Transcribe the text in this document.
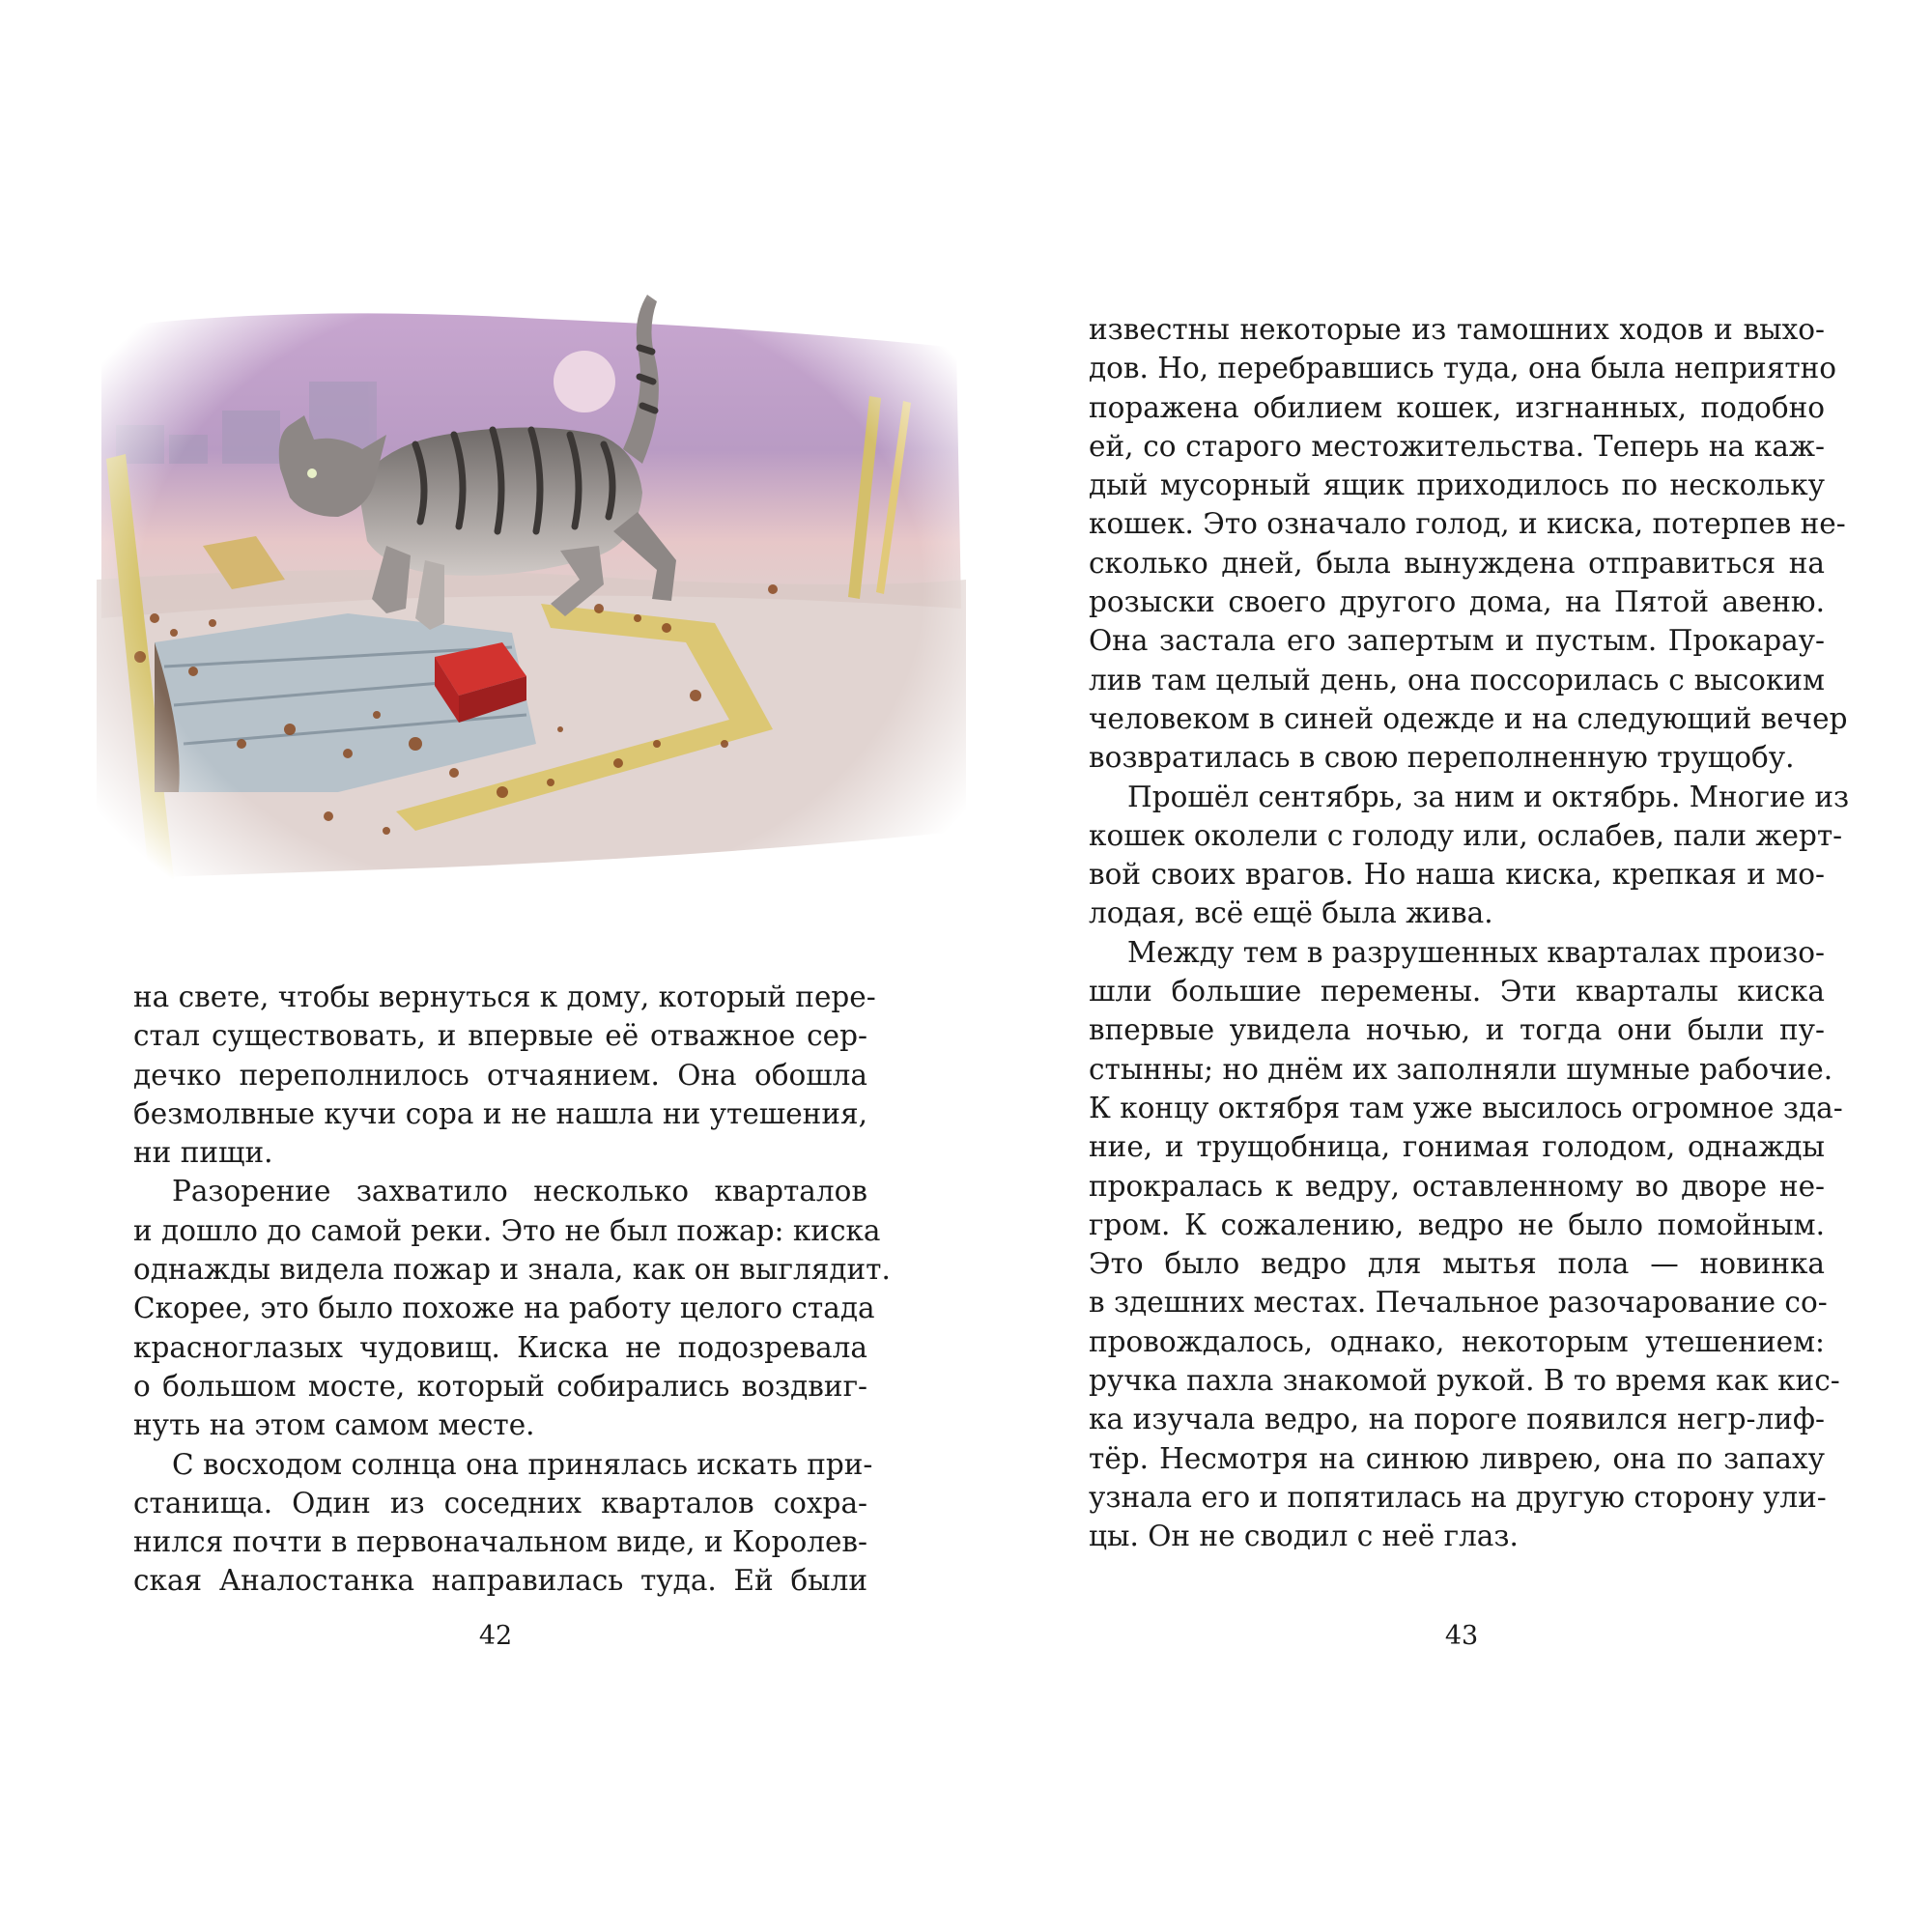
на свете, чтобы вернуться к дому, который пере-
стал существовать, и впервые её отважное сер-
дечко переполнилось отчаянием. Она обошла
безмолвные кучи сора и не нашла ни утешения,
ни пищи.
Разорение захватило несколько кварталов
и дошло до самой реки. Это не был пожар: киска
однажды видела пожар и знала, как он выглядит.
Скорее, это было похоже на работу целого стада
красноглазых чудовищ. Киска не подозревала
о большом мосте, который собирались воздвиг-
нуть на этом самом месте.
С восходом солнца она принялась искать при-
станища. Один из соседних кварталов сохра-
нился почти в первоначальном виде, и Королев-
ская Аналостанка направилась туда. Ей были
42
известны некоторые из тамошних ходов и выхо-
дов. Но, перебравшись туда, она была неприятно
поражена обилием кошек, изгнанных, подобно
ей, со старого местожительства. Теперь на каж-
дый мусорный ящик приходилось по нескольку
кошек. Это означало голод, и киска, потерпев не-
сколько дней, была вынуждена отправиться на
розыски своего другого дома, на Пятой авеню.
Она застала его запертым и пустым. Прокарау-
лив там целый день, она поссорилась с высоким
человеком в синей одежде и на следующий вечер
возвратилась в свою переполненную трущобу.
Прошёл сентябрь, за ним и октябрь. Многие из
кошек околели с голоду или, ослабев, пали жерт-
вой своих врагов. Но наша киска, крепкая и мо-
лодая, всё ещё была жива.
Между тем в разрушенных кварталах произо-
шли большие перемены. Эти кварталы киска
впервые увидела ночью, и тогда они были пу-
стынны; но днём их заполняли шумные рабочие.
К концу октября там уже высилось огромное зда-
ние, и трущобница, гонимая голодом, однажды
прокралась к ведру, оставленному во дворе не-
гром. К сожалению, ведро не было помойным.
Это было ведро для мытья пола — новинка
в здешних местах. Печальное разочарование со-
провождалось, однако, некоторым утешением:
ручка пахла знакомой рукой. В то время как кис-
ка изучала ведро, на пороге появился негр-лиф-
тёр. Несмотря на синюю ливрею, она по запаху
узнала его и попятилась на другую сторону ули-
цы. Он не сводил с неё глаз.
43
